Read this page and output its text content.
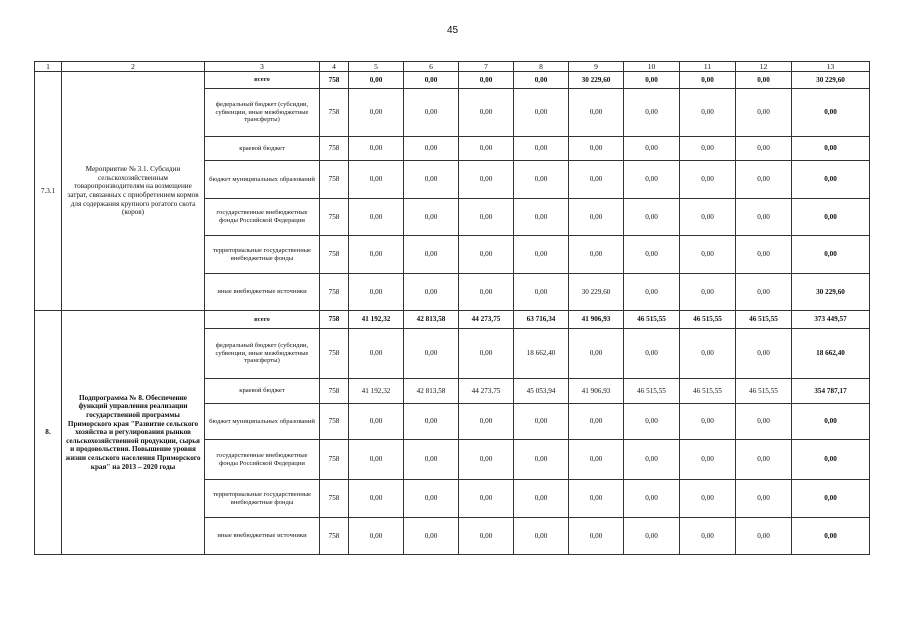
45
1	2	3	4	5	6	7	8	9	10	11	12	13
7.3.1	Мероприятие № 3.1. Субсидии сельскохозяйственным товаропроизводителям на возмещение затрат, связанных с приобретением кормов для содержания крупного рогатого скота (коров)	всего	758	0,00	0,00	0,00	0,00	30 229,60	0,00	0,00	0,00	30 229,60
		федеральный бюджет (субсидии, субвенции, иные межбюджетные трансферты)	758	0,00	0,00	0,00	0,00	0,00	0,00	0,00	0,00	0,00
		краевой бюджет	758	0,00	0,00	0,00	0,00	0,00	0,00	0,00	0,00	0,00
		бюджет муниципальных образований	758	0,00	0,00	0,00	0,00	0,00	0,00	0,00	0,00	0,00
		государственные внебюджетные фонды Российской Федерации	758	0,00	0,00	0,00	0,00	0,00	0,00	0,00	0,00	0,00
		территориальные государственные внебюджетные фонды	758	0,00	0,00	0,00	0,00	0,00	0,00	0,00	0,00	0,00
		иные внебюджетные источники	758	0,00	0,00	0,00	0,00	30 229,60	0,00	0,00	0,00	30 229,60
8.	Подпрограмма № 8. Обеспечение функций управления реализации государственной программы Приморского края "Развитие сельского хозяйства и регулирования рынков сельскохозяйственной продукции, сырья и продовольствия. Повышение уровня жизни сельского населения Приморского края" на 2013 – 2020 годы	всего	758	41 192,32	42 813,58	44 273,75	63 716,34	41 906,93	46 515,55	46 515,55	46 515,55	373 449,57
		федеральный бюджет (субсидии, субвенции, иные межбюджетные трансферты)	758	0,00	0,00	0,00	18 662,40	0,00	0,00	0,00	0,00	18 662,40
		краевой бюджет	758	41 192,32	42 813,58	44 273,75	45 053,94	41 906,93	46 515,55	46 515,55	46 515,55	354 787,17
		бюджет муниципальных образований	758	0,00	0,00	0,00	0,00	0,00	0,00	0,00	0,00	0,00
		государственные внебюджетные фонды Российской Федерации	758	0,00	0,00	0,00	0,00	0,00	0,00	0,00	0,00	0,00
		территориальные государственные внебюджетные фонды	758	0,00	0,00	0,00	0,00	0,00	0,00	0,00	0,00	0,00
		иные внебюджетные источники	758	0,00	0,00	0,00	0,00	0,00	0,00	0,00	0,00	0,00
